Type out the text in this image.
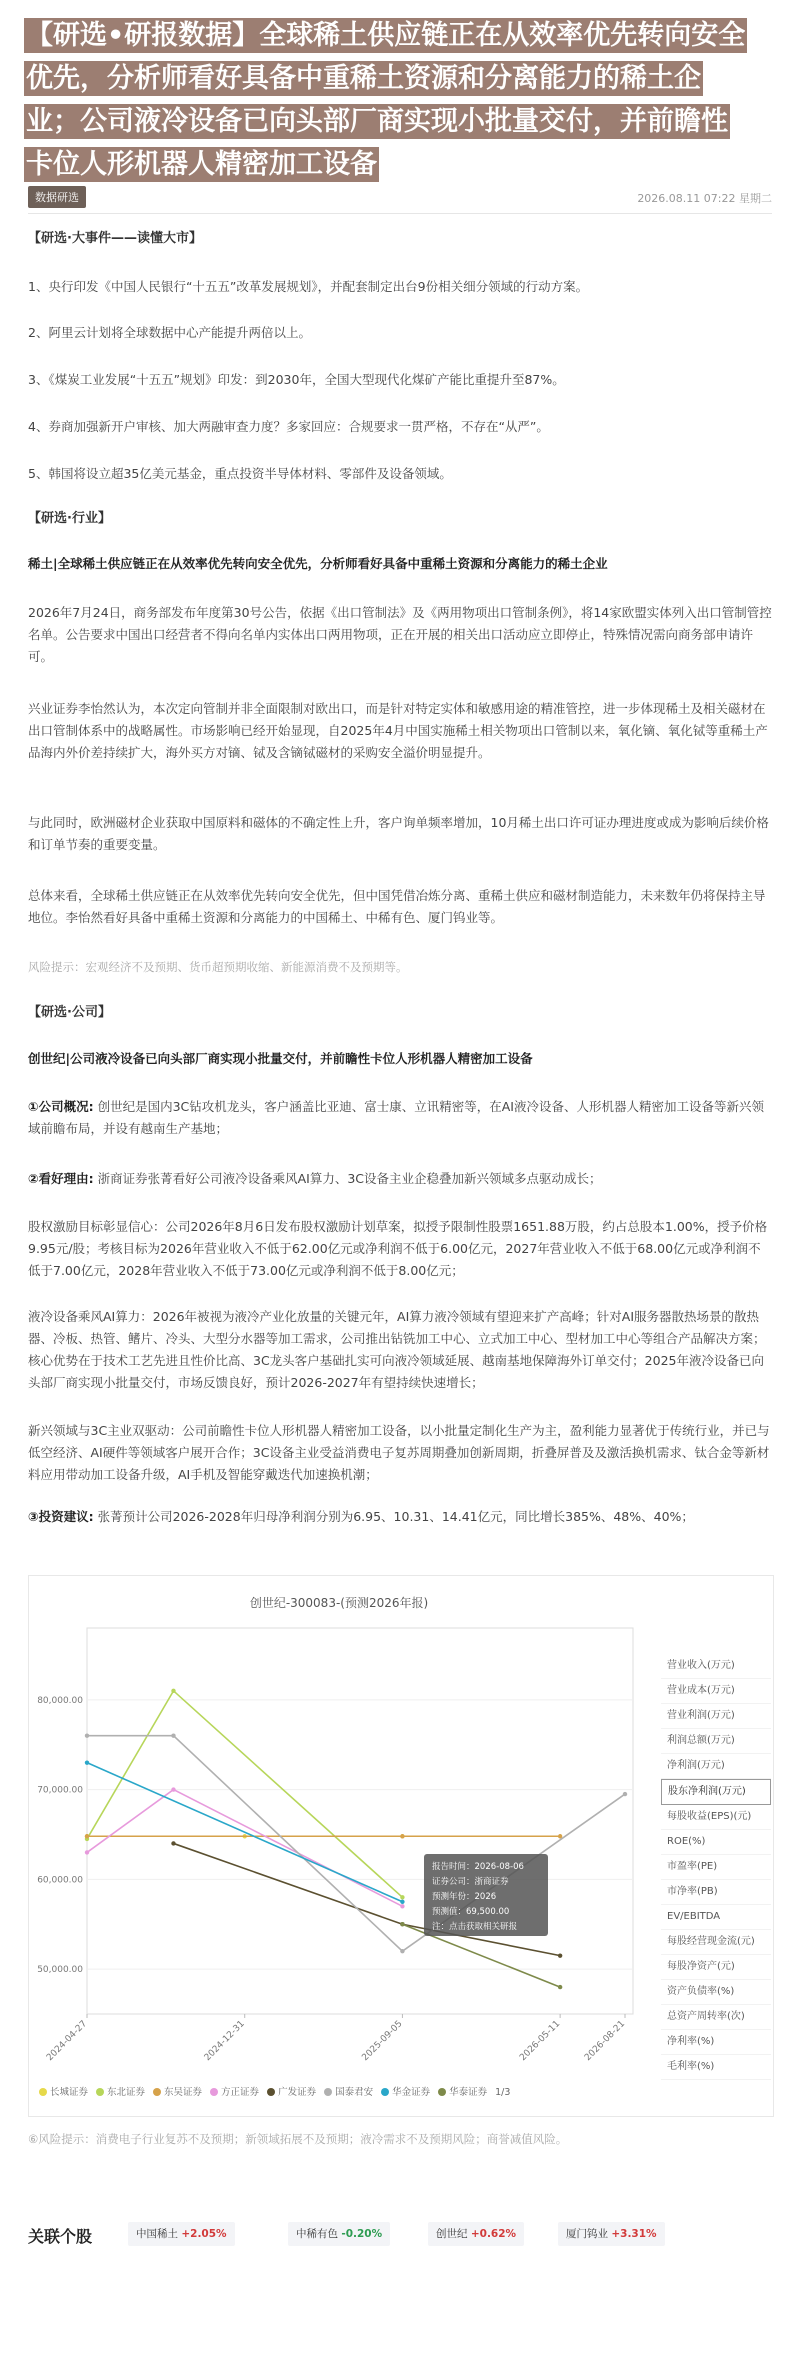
【研选•研报数据】全球稀土供应链正在从效率优先转向安全
优先，分析师看好具备中重稀土资源和分离能力的稀土企
业；公司液冷设备已向头部厂商实现小批量交付，并前瞻性
卡位人形机器人精密加工设备
数据研选	2026.08.11 07:22 星期二
【研选·大事件——读懂大市】
1、央行印发《中国人民银行“十五五”改革发展规划》，并配套制定出台9份相关细分领域的行动方案。
2、阿里云计划将全球数据中心产能提升两倍以上。
3、《煤炭工业发展“十五五”规划》印发：到2030年，全国大型现代化煤矿产能比重提升至87%。
4、券商加强新开户审核、加大两融审查力度？多家回应：合规要求一贯严格，不存在“从严”。
5、韩国将设立超35亿美元基金，重点投资半导体材料、零部件及设备领域。
【研选·行业】
稀土|全球稀土供应链正在从效率优先转向安全优先，分析师看好具备中重稀土资源和分离能力的稀土企业
2026年7月24日，商务部发布年度第30号公告，依据《出口管制法》及《两用物项出口管制条例》，将14家欧盟实体列入出口管制管控名单。公告要求中国出口经营者不得向名单内实体出口两用物项，正在开展的相关出口活动应立即停止，特殊情况需向商务部申请许可。
兴业证券李怡然认为，本次定向管制并非全面限制对欧出口，而是针对特定实体和敏感用途的精准管控，进一步体现稀土及相关磁材在出口管制体系中的战略属性。市场影响已经开始显现，自2025年4月中国实施稀土相关物项出口管制以来，氧化镝、氧化铽等重稀土产品海内外价差持续扩大，海外买方对镝、铽及含镝铽磁材的采购安全溢价明显提升。
与此同时，欧洲磁材企业获取中国原料和磁体的不确定性上升，客户询单频率增加，10月稀土出口许可证办理进度或成为影响后续价格和订单节奏的重要变量。
总体来看，全球稀土供应链正在从效率优先转向安全优先，但中国凭借冶炼分离、重稀土供应和磁材制造能力，未来数年仍将保持主导地位。李怡然看好具备中重稀土资源和分离能力的中国稀土、中稀有色、厦门钨业等。
风险提示：宏观经济不及预期、货币超预期收缩、新能源消费不及预期等。
【研选·公司】
创世纪|公司液冷设备已向头部厂商实现小批量交付，并前瞻性卡位人形机器人精密加工设备
①公司概况: 创世纪是国内3C钻攻机龙头，客户涵盖比亚迪、富士康、立讯精密等，在AI液冷设备、人形机器人精密加工设备等新兴领域前瞻布局，并设有越南生产基地；
②看好理由: 浙商证券张菁看好公司液冷设备乘风AI算力、3C设备主业企稳叠加新兴领域多点驱动成长；
股权激励目标彰显信心：公司2026年8月6日发布股权激励计划草案，拟授予限制性股票1651.88万股，约占总股本1.00%，授予价格9.95元/股；考核目标为2026年营业收入不低于62.00亿元或净利润不低于6.00亿元，2027年营业收入不低于68.00亿元或净利润不低于7.00亿元，2028年营业收入不低于73.00亿元或净利润不低于8.00亿元；
液冷设备乘风AI算力：2026年被视为液冷产业化放量的关键元年，AI算力液冷领域有望迎来扩产高峰；针对AI服务器散热场景的散热器、冷板、热管、鳍片、冷头、大型分水器等加工需求，公司推出钻铣加工中心、立式加工中心、型材加工中心等组合产品解决方案；核心优势在于技术工艺先进且性价比高、3C龙头客户基础扎实可向液冷领域延展、越南基地保障海外订单交付；2025年液冷设备已向头部厂商实现小批量交付，市场反馈良好，预计2026-2027年有望持续快速增长；
新兴领域与3C主业双驱动：公司前瞻性卡位人形机器人精密加工设备，以小批量定制化生产为主，盈利能力显著优于传统行业，并已与低空经济、AI硬件等领域客户展开合作；3C设备主业受益消费电子复苏周期叠加创新周期，折叠屏普及及激活换机需求、钛合金等新材料应用带动加工设备升级，AI手机及智能穿戴迭代加速换机潮；
③投资建议: 张菁预计公司2026-2028年归母净利润分别为6.95、10.31、14.41亿元，同比增长385%、48%、40%；
创世纪-300083-(预测2026年报)
50,000.00
60,000.00
70,000.00
80,000.00
2024-04-27	2024-12-31	2025-09-05	2026-05-11 2026-08-21
报告时间：2026-08-06
证券公司：浙商证券
预测年份：2026
预测值：69,500.00
注：点击获取相关研报
营业收入(万元)
营业成本(万元)
营业利润(万元)
利润总额(万元)
净利润(万元)
股东净利润(万元)
每股收益(EPS)(元)
ROE(%)
市盈率(PE)
市净率(PB)
EV/EBITDA
每股经营现金流(元)
每股净资产(元)
资产负债率(%)
总资产周转率(次)
净利率(%)
毛利率(%)
长城证券 东北证券 东吴证券 方正证券 广发证券 国泰君安 华金证券 华泰证券 1/3
⑥风险提示：消费电子行业复苏不及预期；新领域拓展不及预期；液冷需求不及预期风险；商誉减值风险。
关联个股	中国稀土 +2.05%	中稀有色 -0.20%	创世纪 +0.62%	厦门钨业 +3.31%
